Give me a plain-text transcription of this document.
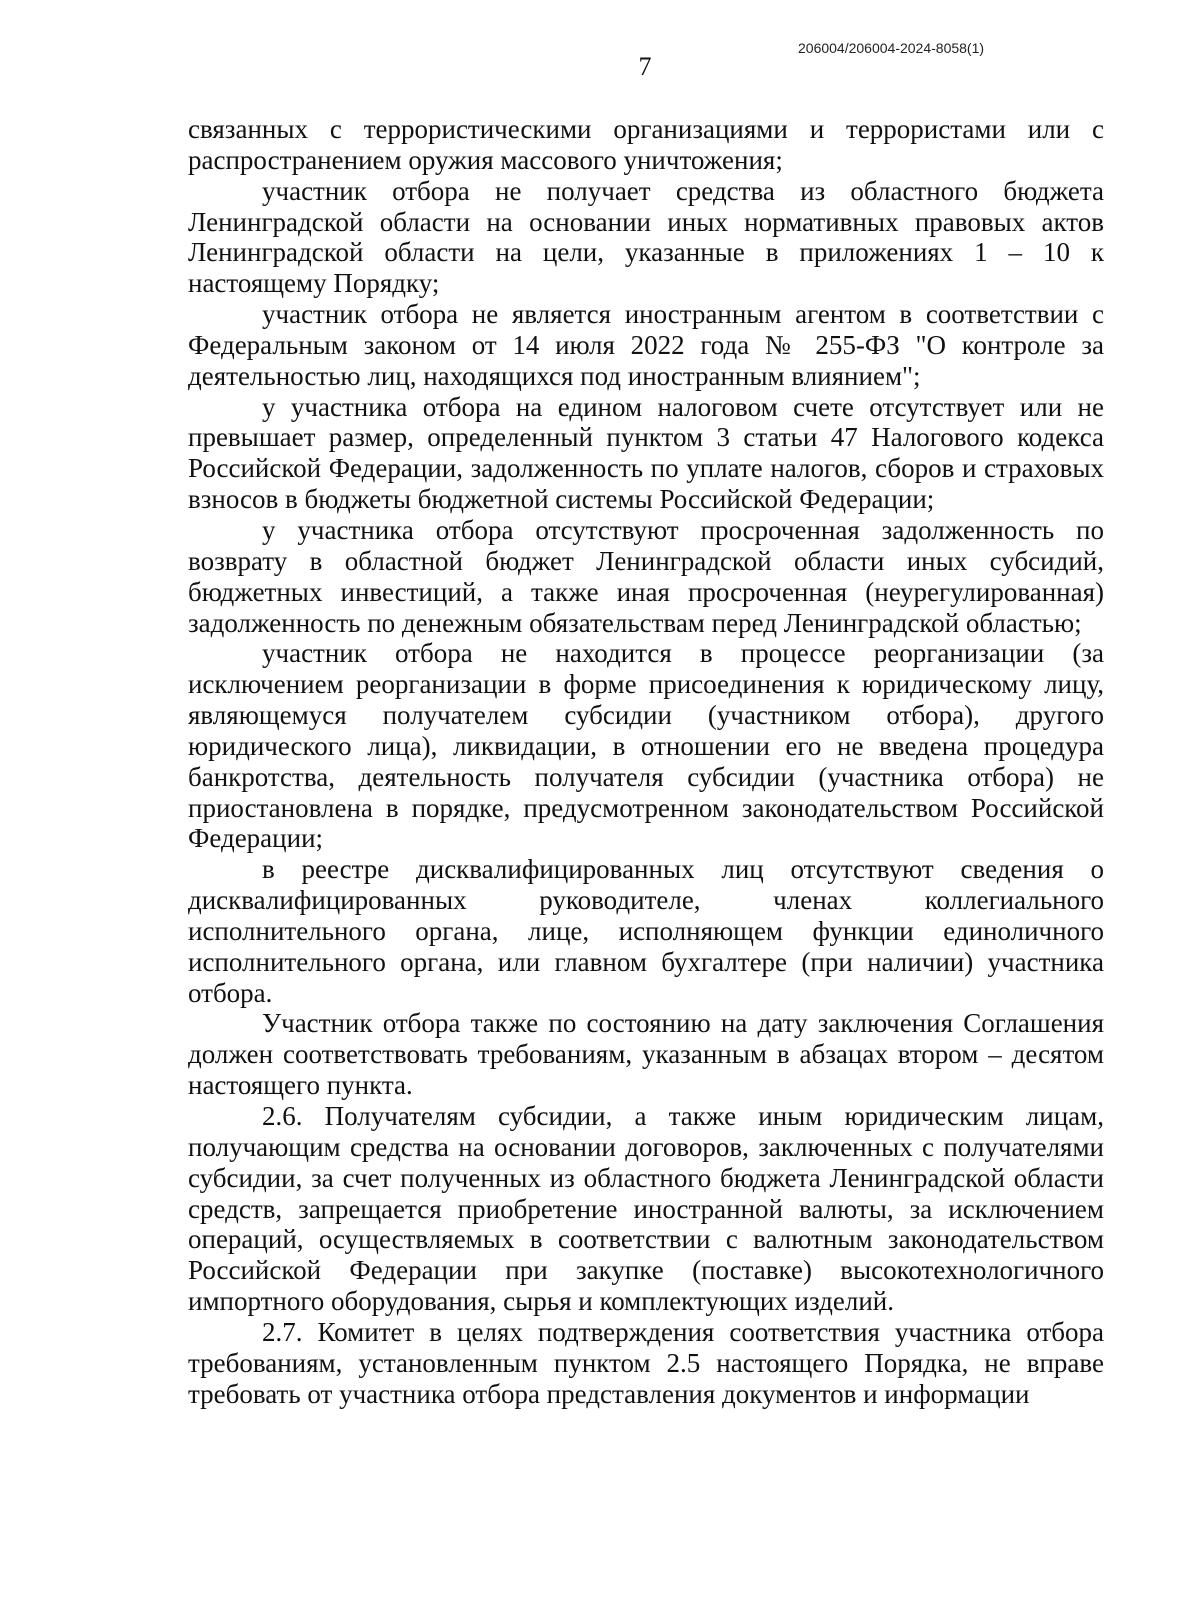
206004/206004-2024-8058(1)
7

связанных с террористическими организациями и террористами или с распространением оружия массового уничтожения;

участник отбора не получает средства из областного бюджета Ленинградской области на основании иных нормативных правовых актов Ленинградской области на цели, указанные в приложениях 1 – 10 к настоящему Порядку;

участник отбора не является иностранным агентом в соответствии с Федеральным законом от 14 июля 2022 года № 255-ФЗ "О контроле за деятельностью лиц, находящихся под иностранным влиянием";

у участника отбора на едином налоговом счете отсутствует или не превышает размер, определенный пунктом 3 статьи 47 Налогового кодекса Российской Федерации, задолженность по уплате налогов, сборов и страховых взносов в бюджеты бюджетной системы Российской Федерации;

у участника отбора отсутствуют просроченная задолженность по возврату в областной бюджет Ленинградской области иных субсидий, бюджетных инвестиций, а также иная просроченная (неурегулированная) задолженность по денежным обязательствам перед Ленинградской областью;

участник отбора не находится в процессе реорганизации (за исключением реорганизации в форме присоединения к юридическому лицу, являющемуся получателем субсидии (участником отбора), другого юридического лица), ликвидации, в отношении его не введена процедура банкротства, деятельность получателя субсидии (участника отбора) не приостановлена в порядке, предусмотренном законодательством Российской Федерации;

в реестре дисквалифицированных лиц отсутствуют сведения о дисквалифицированных руководителе, членах коллегиального исполнительного органа, лице, исполняющем функции единоличного исполнительного органа, или главном бухгалтере (при наличии) участника отбора.

Участник отбора также по состоянию на дату заключения Соглашения должен соответствовать требованиям, указанным в абзацах втором – десятом настоящего пункта.

2.6. Получателям субсидии, а также иным юридическим лицам, получающим средства на основании договоров, заключенных с получателями субсидии, за счет полученных из областного бюджета Ленинградской области средств, запрещается приобретение иностранной валюты, за исключением операций, осуществляемых в соответствии с валютным законодательством Российской Федерации при закупке (поставке) высокотехнологичного импортного оборудования, сырья и комплектующих изделий.

2.7. Комитет в целях подтверждения соответствия участника отбора требованиям, установленным пунктом 2.5 настоящего Порядка, не вправе требовать от участника отбора представления документов и информации
